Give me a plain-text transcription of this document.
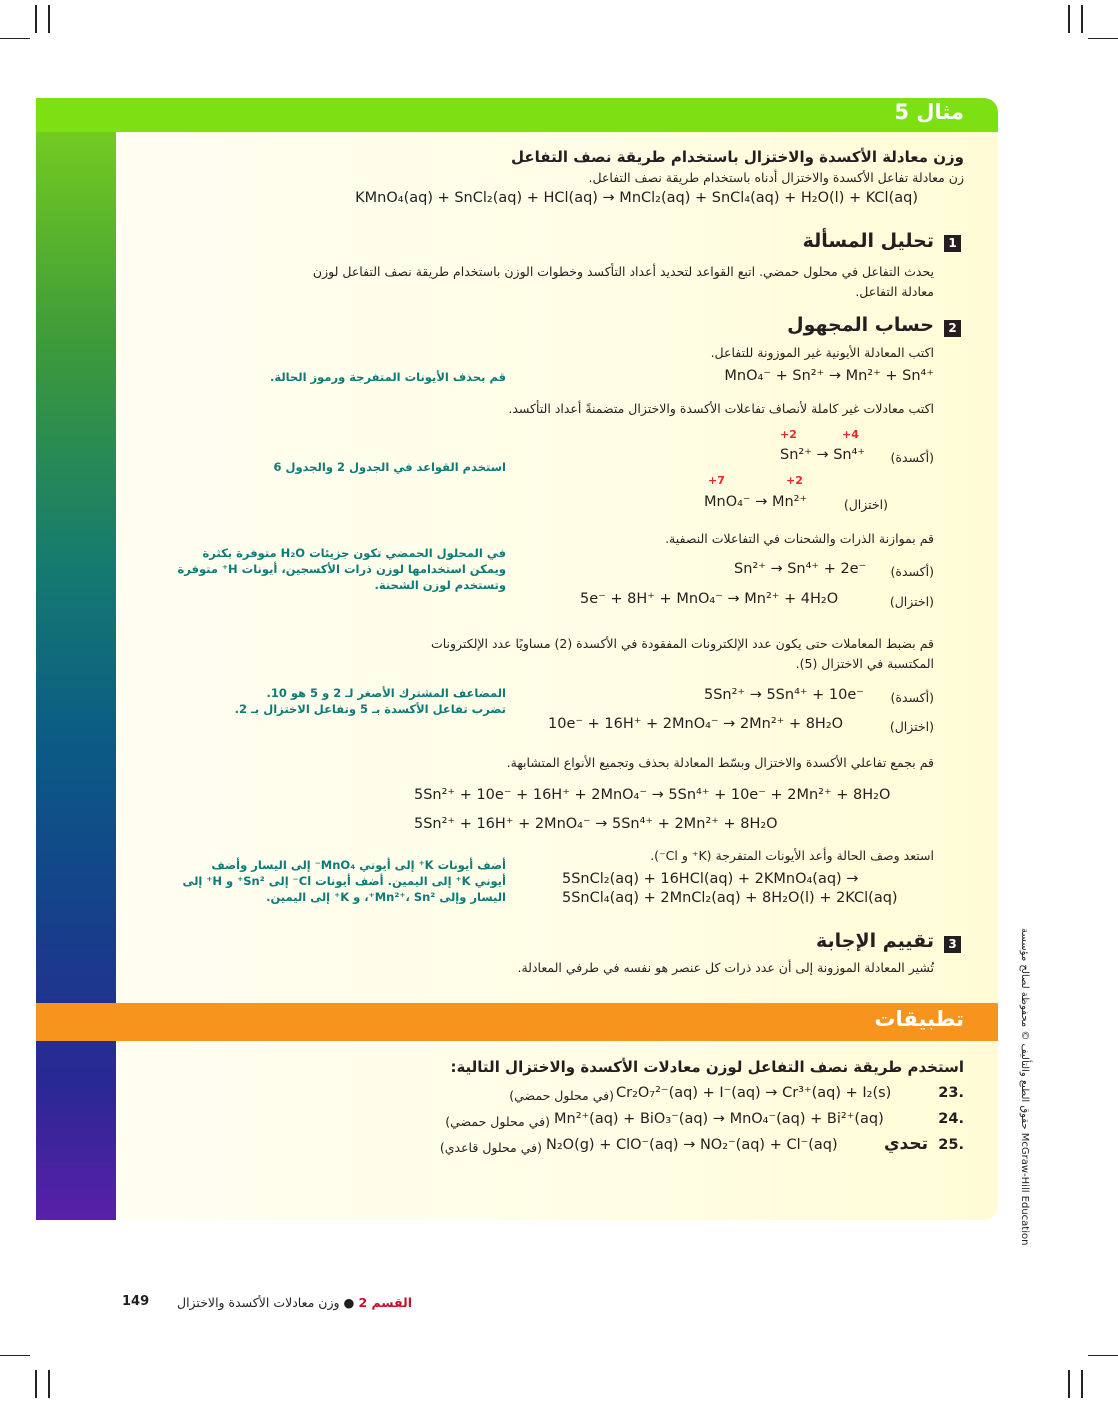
مثال 5
تطبيقات
وزن معادلة الأكسدة والاختزال باستخدام طريقة نصف التفاعل
زن معادلة تفاعل الأكسدة والاختزال أدناه باستخدام طريقة نصف التفاعل.
KMnO₄(aq) + SnCl₂(aq) + HCl(aq) → MnCl₂(aq) + SnCl₄(aq) + H₂O(l) + KCl(aq)
1
تحليل المسألة
يحدث التفاعل في محلول حمضي. اتبع القواعد لتحديد أعداد التأكسد وخطوات الوزن باستخدام طريقة نصف التفاعل لوزن
معادلة التفاعل.
2
حساب المجهول
اكتب المعادلة الأيونية غير الموزونة للتفاعل.
MnO₄⁻ + Sn²⁺ → Mn²⁺ + Sn⁴⁺
قم بحذف الأيونات المتفرجة ورموز الحالة.
اكتب معادلات غير كاملة لأنصاف تفاعلات الأكسدة والاختزال متضمنةً أعداد التأكسد.
استخدم القواعد في الجدول 2 والجدول 6
+2	+4
Sn²⁺ → Sn⁴⁺ (أكسدة)
+7	+2
MnO₄⁻ → Mn²⁺	(اختزال)
قم بموازنة الذرات والشحنات في التفاعلات النصفية.
في المحلول الحمضي تكون جزيئات H₂O متوفرة بكثرة
ويمكن استخدامها لوزن ذرات الأكسجين، أيونات H⁺ متوفرة
وتستخدم لوزن الشحنة.
Sn²⁺ → Sn⁴⁺ + 2e⁻ (أكسدة)
5e⁻ + 8H⁺ + MnO₄⁻ → Mn²⁺ + 4H₂O	(اختزال)
قم بضبط المعاملات حتى يكون عدد الإلكترونات المفقودة في الأكسدة (2) مساويًا عدد الإلكترونات
المكتسبة في الاختزال (5).
المضاعف المشترك الأصغر لـ 2 و 5 هو 10.
تضرب تفاعل الأكسدة بـ 5 وتفاعل الاختزال بـ 2.
5Sn²⁺ → 5Sn⁴⁺ + 10e⁻ (أكسدة)
10e⁻ + 16H⁺ + 2MnO₄⁻ → 2Mn²⁺ + 8H₂O	(اختزال)
قم بجمع تفاعلي الأكسدة والاختزال وبسّط المعادلة بحذف وتجميع الأنواع المتشابهة.
5Sn²⁺ + 10e⁻ + 16H⁺ + 2MnO₄⁻ → 5Sn⁴⁺ + 10e⁻ + 2Mn²⁺ + 8H₂O
5Sn²⁺ + 16H⁺ + 2MnO₄⁻ → 5Sn⁴⁺ + 2Mn²⁺ + 8H₂O
استعد وصف الحالة وأعد الأيونات المتفرجة (K⁺ و Cl⁻).
أضف أيونات K⁺ إلى أيوني MnO₄⁻ إلى اليسار وأضف
أيوني K⁺ إلى اليمين. أضف أيونات Cl⁻ إلى Sn²⁺ و H⁺ إلى
اليسار وإلى Mn²⁺، Sn²⁺، و K⁺ إلى اليمين.
5SnCl₂(aq) + 16HCl(aq) + 2KMnO₄(aq) →
5SnCl₄(aq) + 2MnCl₂(aq) + 8H₂O(l) + 2KCl(aq)
3
تقييم الإجابة
تُشير المعادلة الموزونة إلى أن عدد ذرات كل عنصر هو نفسه في طرفي المعادلة.
استخدم طريقة نصف التفاعل لوزن معادلات الأكسدة والاختزال التالية:
.23
Cr₂O₇²⁻(aq) + I⁻(aq) → Cr³⁺(aq) + I₂(s)
(في محلول حمضي)
.24
Mn²⁺(aq) + BiO₃⁻(aq) → MnO₄⁻(aq) + Bi²⁺(aq)
(في محلول حمضي)
.25
تحدي
N₂O(g) + ClO⁻(aq) → NO₂⁻(aq) + Cl⁻(aq)
(في محلول قاعدي)
حقوق الطبع والتأليف © محفوظة لصالح مؤسسة McGraw-Hill Education
149	القسم 2 ● وزن معادلات الأكسدة والاختزال
